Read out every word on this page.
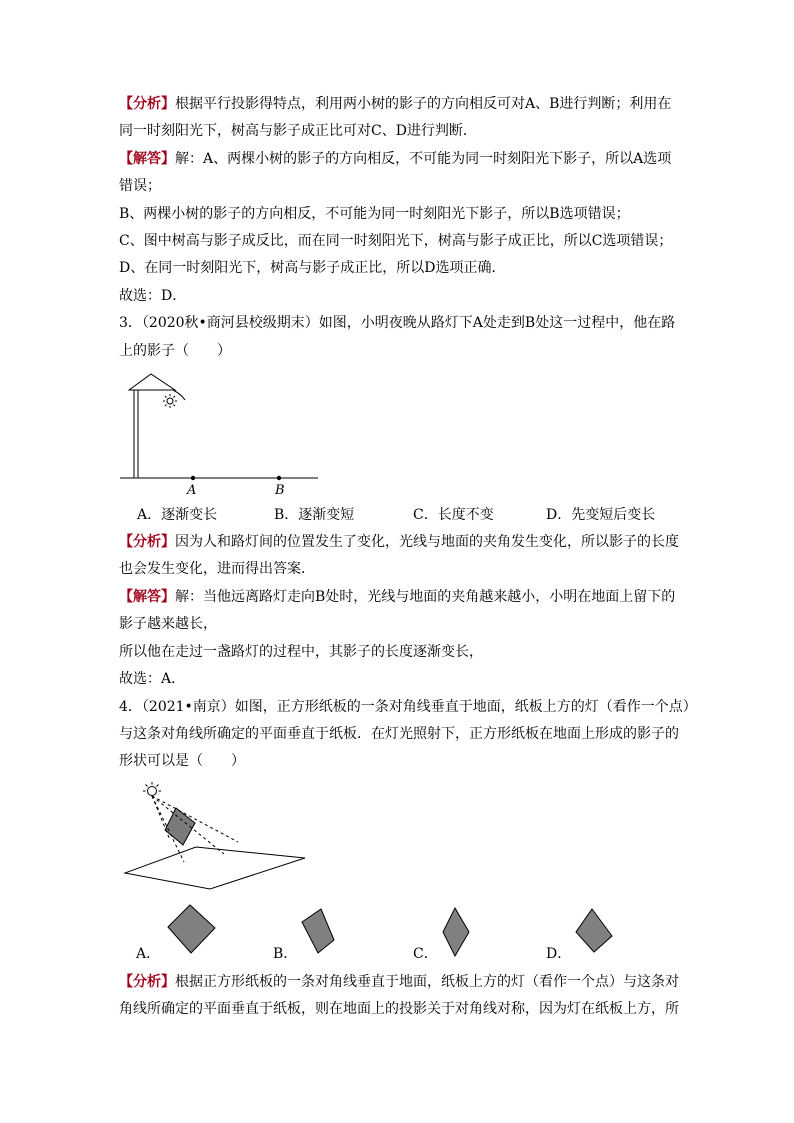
【分析】根据平行投影得特点，利用两小树的影子的方向相反可对A、B进行判断；利用在
同一时刻阳光下，树高与影子成正比可对C、D进行判断．
【解答】解：A、两棵小树的影子的方向相反，不可能为同一时刻阳光下影子，所以A选项
错误；
B、两棵小树的影子的方向相反，不可能为同一时刻阳光下影子，所以B选项错误；
C、图中树高与影子成反比，而在同一时刻阳光下，树高与影子成正比，所以C选项错误；
D、在同一时刻阳光下，树高与影子成正比，所以D选项正确．
故选：D．
3．（2020秋•商河县校级期末）如图，小明夜晚从路灯下A处走到B处这一过程中，他在路
上的影子（　　）
A	B
A．逐渐变长	B．逐渐变短	C．长度不变	D．先变短后变长
【分析】因为人和路灯间的位置发生了变化，光线与地面的夹角发生变化，所以影子的长度
也会发生变化，进而得出答案．
【解答】解：当他远离路灯走向B处时，光线与地面的夹角越来越小，小明在地面上留下的
影子越来越长，
所以他在走过一盏路灯的过程中，其影子的长度逐渐变长，
故选：A．
4．（2021•南京）如图，正方形纸板的一条对角线垂直于地面，纸板上方的灯（看作一个点）
与这条对角线所确定的平面垂直于纸板．在灯光照射下，正方形纸板在地面上形成的影子的
形状可以是（　　）
A．	B．	C．	D．
【分析】根据正方形纸板的一条对角线垂直于地面，纸板上方的灯（看作一个点）与这条对
角线所确定的平面垂直于纸板，则在地面上的投影关于对角线对称，因为灯在纸板上方，所
